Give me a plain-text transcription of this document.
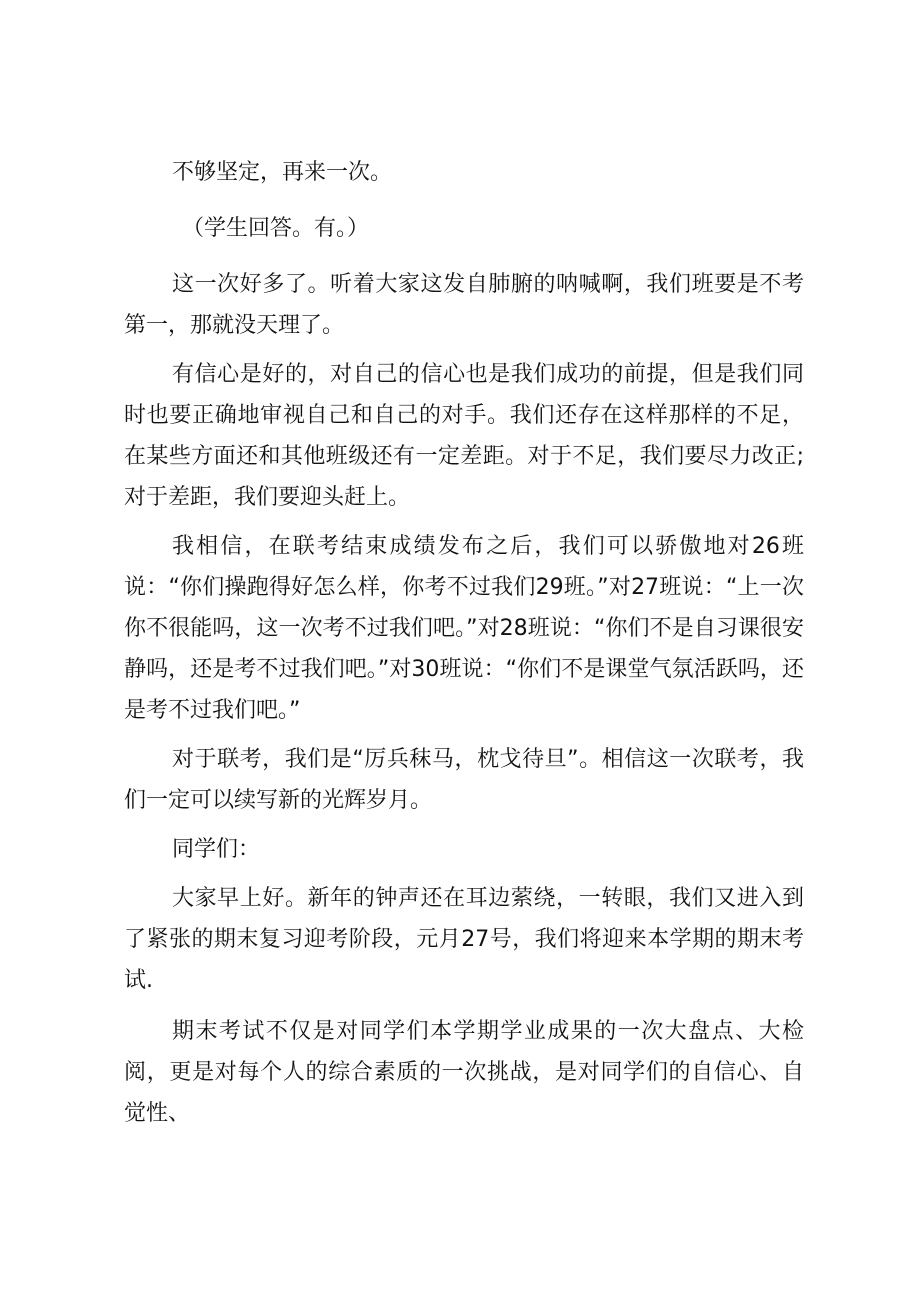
不够坚定，再来一次。

（学生回答。有。）

这一次好多了。听着大家这发自肺腑的呐喊啊，我们班要是不考第一，那就没天理了。

有信心是好的，对自己的信心也是我们成功的前提，但是我们同时也要正确地审视自己和自己的对手。我们还存在这样那样的不足，在某些方面还和其他班级还有一定差距。对于不足，我们要尽力改正;对于差距，我们要迎头赶上。

我相信，在联考结束成绩发布之后，我们可以骄傲地对26班说：“你们操跑得好怎么样，你考不过我们29班。”对27班说：“上一次你不很能吗，这一次考不过我们吧。”对28班说：“你们不是自习课很安静吗，还是考不过我们吧。”对30班说：“你们不是课堂气氛活跃吗，还是考不过我们吧。”

对于联考，我们是“厉兵秣马，枕戈待旦”。相信这一次联考，我们一定可以续写新的光辉岁月。

同学们：

大家早上好。新年的钟声还在耳边萦绕，一转眼，我们又进入到了紧张的期末复习迎考阶段，元月27号，我们将迎来本学期的期末考试.

期末考试不仅是对同学们本学期学业成果的一次大盘点、大检阅，更是对每个人的综合素质的一次挑战，是对同学们的自信心、自觉性、
